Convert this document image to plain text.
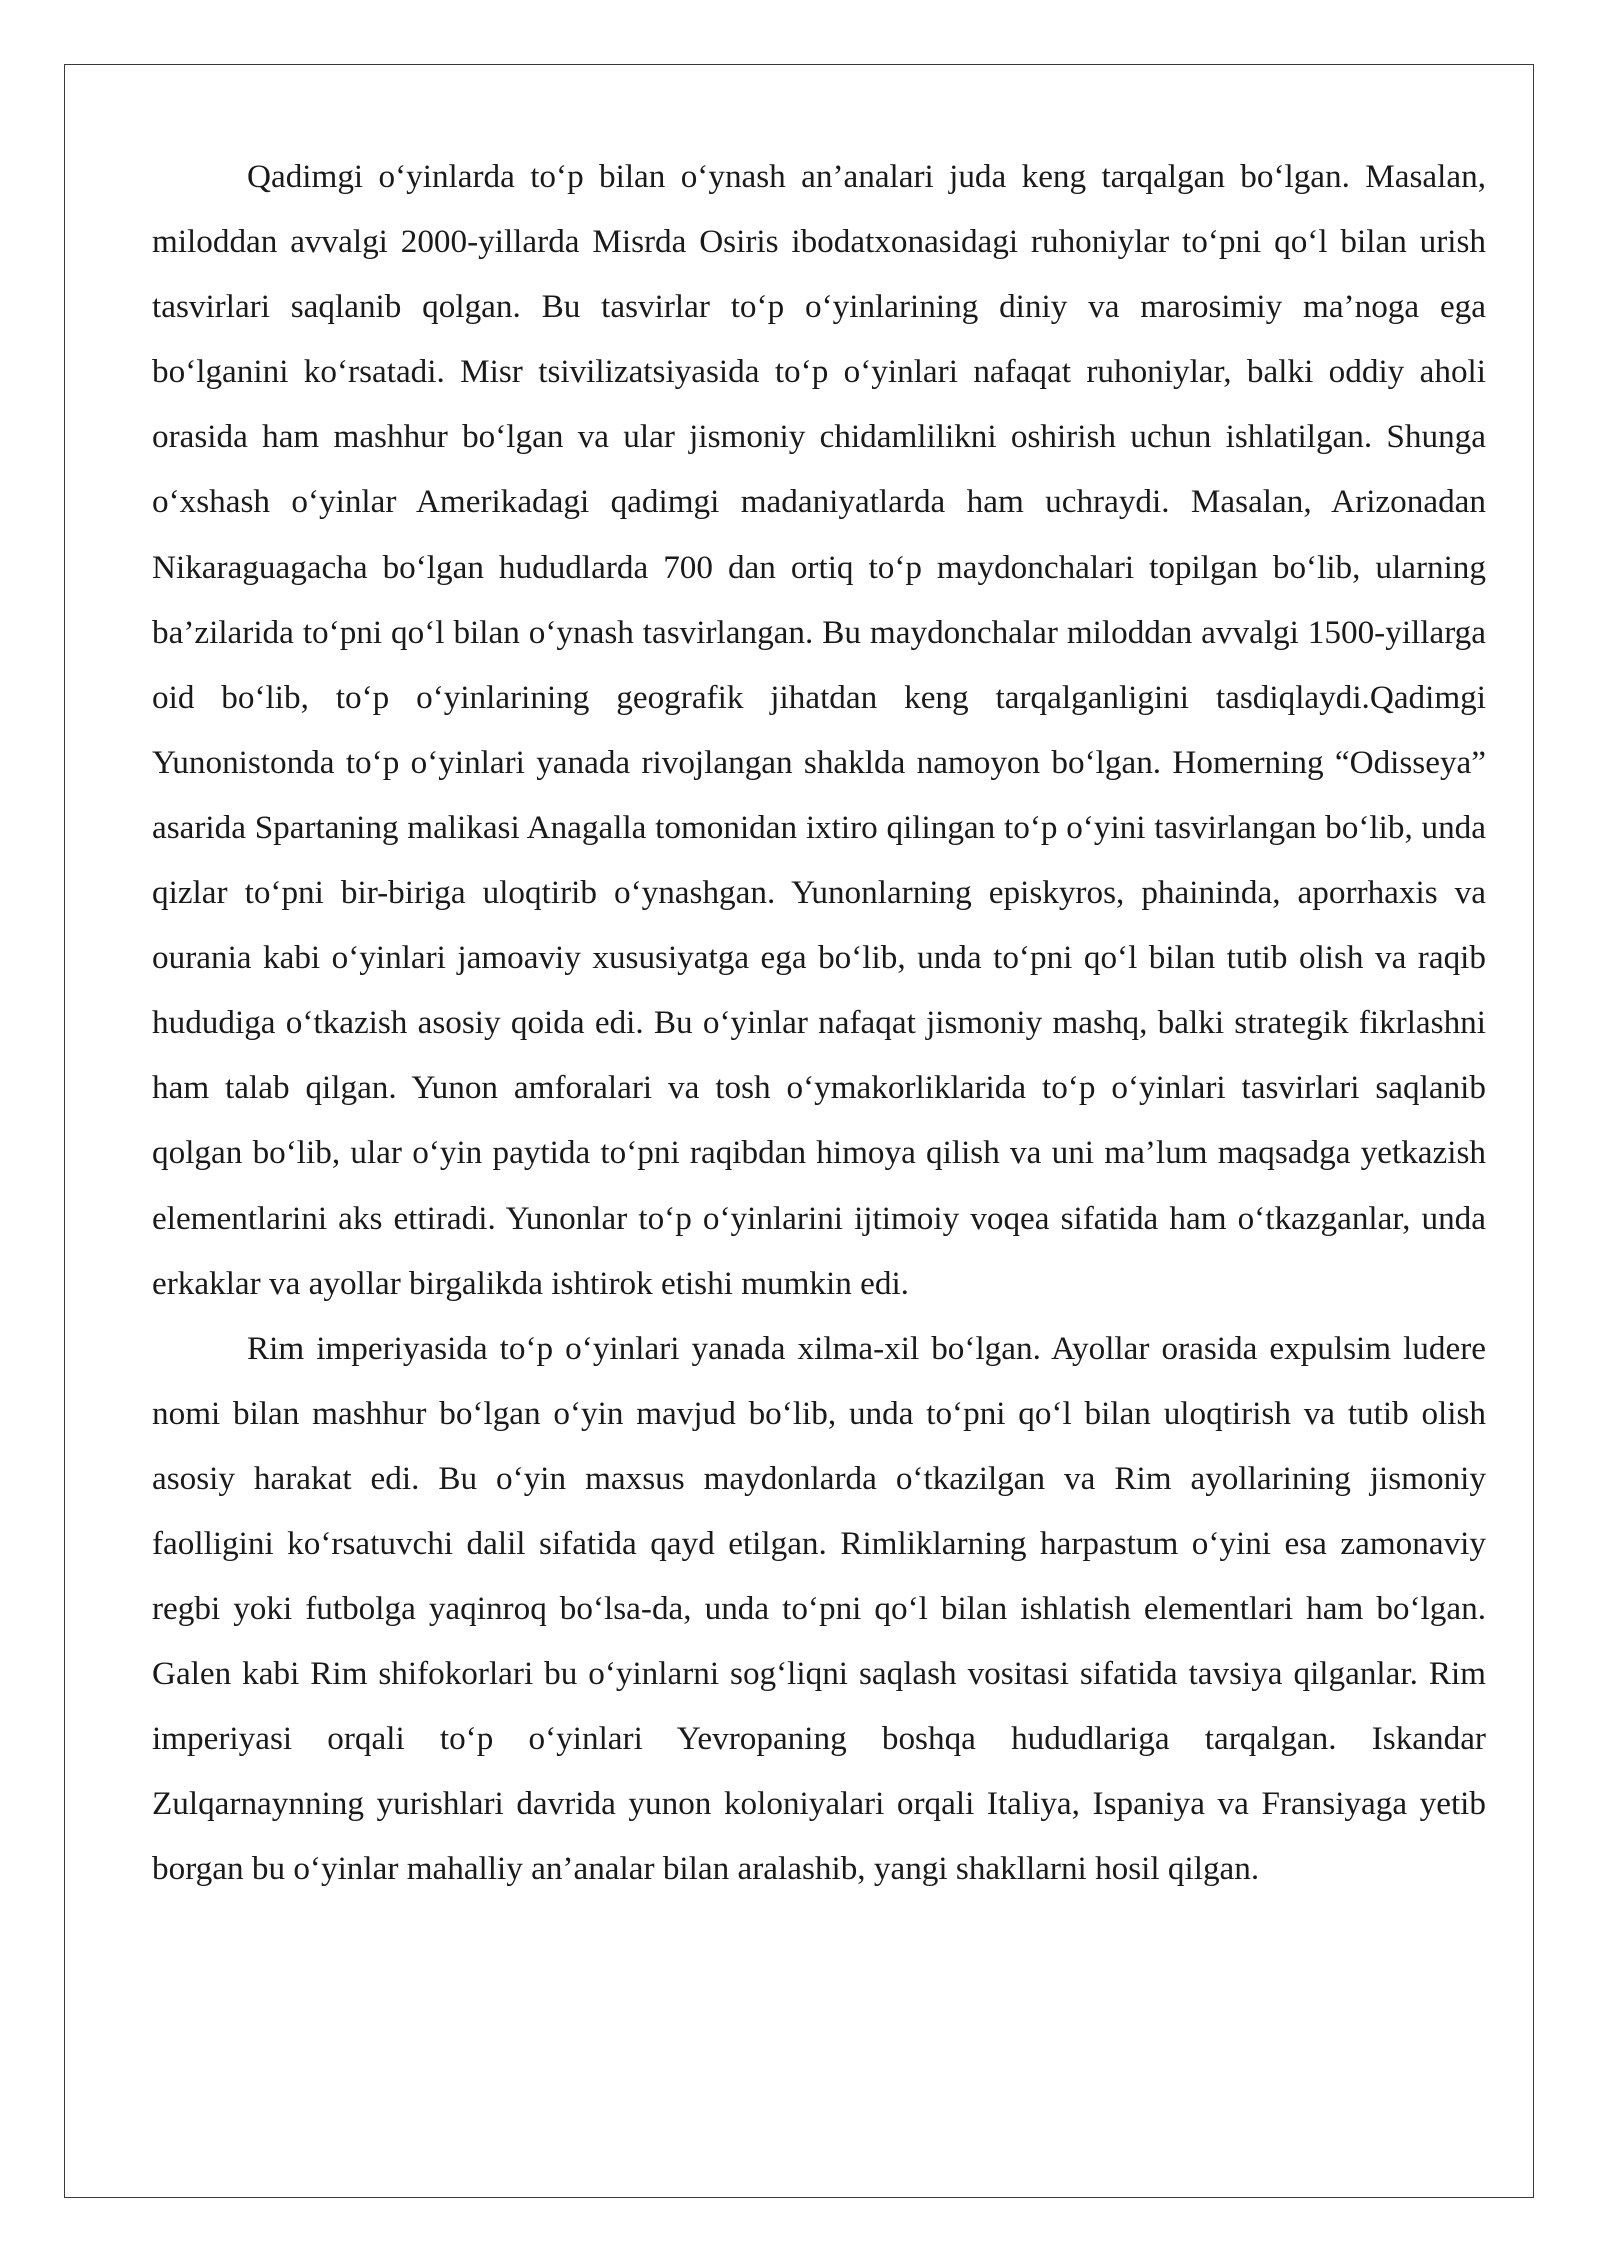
Qadimgi o‘yinlarda to‘p bilan o‘ynash an’analari juda keng tarqalgan bo‘lgan. Masalan, miloddan avvalgi 2000-yillarda Misrda Osiris ibodatxonasidagi ruhoniylar to‘pni qo‘l bilan urish tasvirlari saqlanib qolgan. Bu tasvirlar to‘p o‘yinlarining diniy va marosimiy ma’noga ega bo‘lganini ko‘rsatadi. Misr tsivilizatsiyasida to‘p o‘yinlari nafaqat ruhoniylar, balki oddiy aholi orasida ham mashhur bo‘lgan va ular jismoniy chidamlilikni oshirish uchun ishlatilgan. Shunga o‘xshash o‘yinlar Amerikadagi qadimgi madaniyatlarda ham uchraydi. Masalan, Arizonadan Nikaraguagacha bo‘lgan hududlarda 700 dan ortiq to‘p maydonchalari topilgan bo‘lib, ularning ba’zilarida to‘pni qo‘l bilan o‘ynash tasvirlangan. Bu maydonchalar miloddan avvalgi 1500-yillarga oid bo‘lib, to‘p o‘yinlarining geografik jihatdan keng tarqalganligini tasdiqlaydi.Qadimgi Yunonistonda to‘p o‘yinlari yanada rivojlangan shaklda namoyon bo‘lgan. Homerning “Odisseya” asarida Spartaning malikasi Anagalla tomonidan ixtiro qilingan to‘p o‘yini tasvirlangan bo‘lib, unda qizlar to‘pni bir-biriga uloqtirib o‘ynashgan. Yunonlarning episkyros, phaininda, aporrhaxis va ourania kabi o‘yinlari jamoaviy xususiyatga ega bo‘lib, unda to‘pni qo‘l bilan tutib olish va raqib hududiga o‘tkazish asosiy qoida edi. Bu o‘yinlar nafaqat jismoniy mashq, balki strategik fikrlashni ham talab qilgan. Yunon amforalari va tosh o‘ymakorliklarida to‘p o‘yinlari tasvirlari saqlanib qolgan bo‘lib, ular o‘yin paytida to‘pni raqibdan himoya qilish va uni ma’lum maqsadga yetkazish elementlarini aks ettiradi. Yunonlar to‘p o‘yinlarini ijtimoiy voqea sifatida ham o‘tkazganlar, unda erkaklar va ayollar birgalikda ishtirok etishi mumkin edi.

Rim imperiyasida to‘p o‘yinlari yanada xilma-xil bo‘lgan. Ayollar orasida expulsim ludere nomi bilan mashhur bo‘lgan o‘yin mavjud bo‘lib, unda to‘pni qo‘l bilan uloqtirish va tutib olish asosiy harakat edi. Bu o‘yin maxsus maydonlarda o‘tkazilgan va Rim ayollarining jismoniy faolligini ko‘rsatuvchi dalil sifatida qayd etilgan. Rimliklarning harpastum o‘yini esa zamonaviy regbi yoki futbolga yaqinroq bo‘lsa-da, unda to‘pni qo‘l bilan ishlatish elementlari ham bo‘lgan. Galen kabi Rim shifokorlari bu o‘yinlarni sog‘liqni saqlash vositasi sifatida tavsiya qilganlar. Rim imperiyasi orqali to‘p o‘yinlari Yevropaning boshqa hududlariga tarqalgan. Iskandar Zulqarnaynning yurishlari davrida yunon koloniyalari orqali Italiya, Ispaniya va Fransiyaga yetib borgan bu o‘yinlar mahalliy an’analar bilan aralashib, yangi shakllarni hosil qilgan.
